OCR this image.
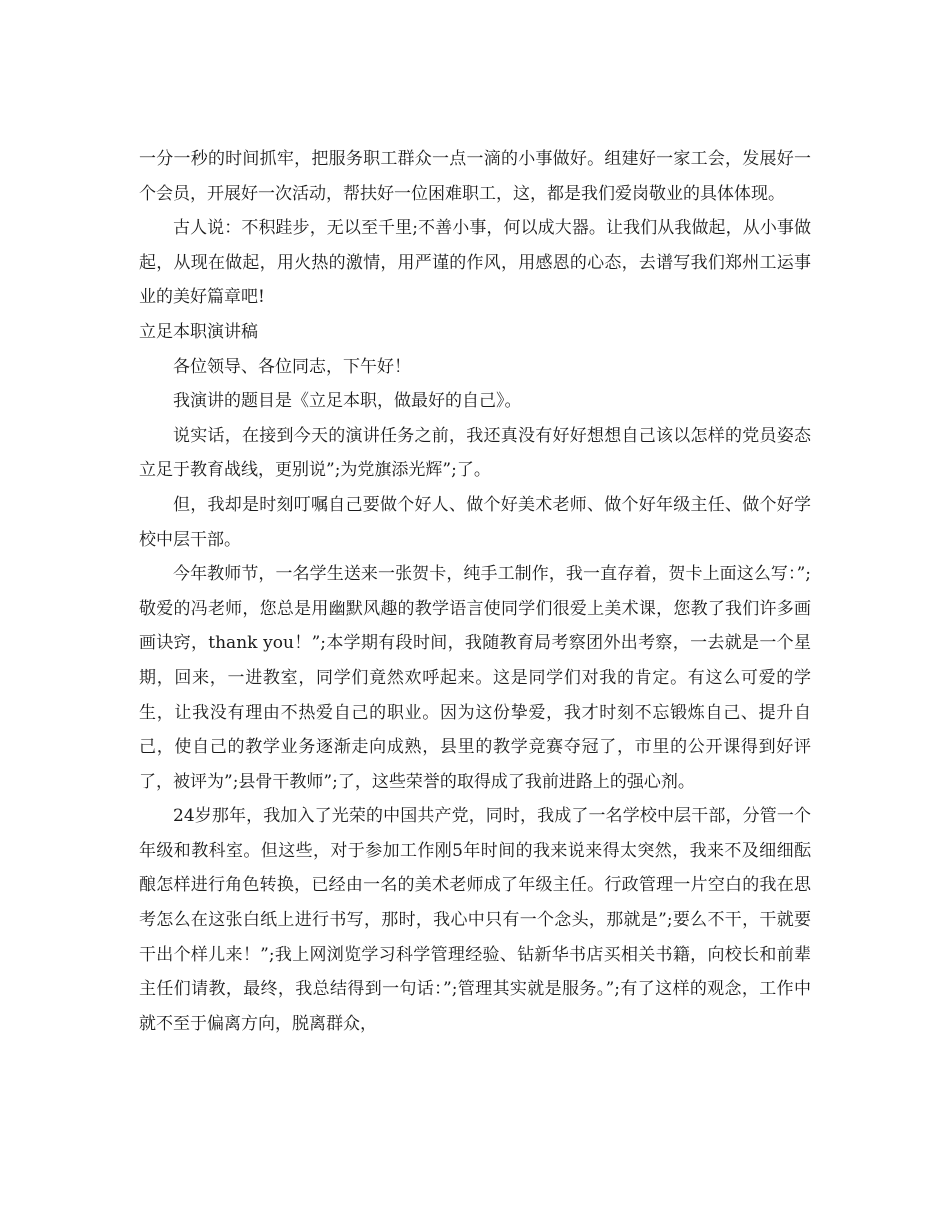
一分一秒的时间抓牢，把服务职工群众一点一滴的小事做好。组建好一家工会，发展好一个会员，开展好一次活动，帮扶好一位困难职工，这，都是我们爱岗敬业的具体体现。

古人说：不积跬步，无以至千里;不善小事，何以成大器。让我们从我做起，从小事做起，从现在做起，用火热的激情，用严谨的作风，用感恩的心态，去谱写我们郑州工运事业的美好篇章吧!

立足本职演讲稿

各位领导、各位同志，下午好！

我演讲的题目是《立足本职，做最好的自己》。

说实话，在接到今天的演讲任务之前，我还真没有好好想想自己该以怎样的党员姿态立足于教育战线，更别说”;为党旗添光辉”;了。

但，我却是时刻叮嘱自己要做个好人、做个好美术老师、做个好年级主任、做个好学校中层干部。

今年教师节，一名学生送来一张贺卡，纯手工制作，我一直存着，贺卡上面这么写：”;敬爱的冯老师，您总是用幽默风趣的教学语言使同学们很爱上美术课，您教了我们许多画画诀窍，thank you！”;本学期有段时间，我随教育局考察团外出考察，一去就是一个星期，回来，一进教室，同学们竟然欢呼起来。这是同学们对我的肯定。有这么可爱的学生，让我没有理由不热爱自己的职业。因为这份挚爱，我才时刻不忘锻炼自己、提升自己，使自己的教学业务逐渐走向成熟，县里的教学竞赛夺冠了，市里的公开课得到好评了，被评为”;县骨干教师”;了，这些荣誉的取得成了我前进路上的强心剂。

24岁那年，我加入了光荣的中国共产党，同时，我成了一名学校中层干部，分管一个年级和教科室。但这些，对于参加工作刚5年时间的我来说来得太突然，我来不及细细酝酿怎样进行角色转换，已经由一名的美术老师成了年级主任。行政管理一片空白的我在思考怎么在这张白纸上进行书写，那时，我心中只有一个念头，那就是”;要么不干，干就要干出个样儿来！”;我上网浏览学习科学管理经验、钻新华书店买相关书籍，向校长和前辈主任们请教，最终，我总结得到一句话：”;管理其实就是服务。”;有了这样的观念，工作中就不至于偏离方向，脱离群众，
